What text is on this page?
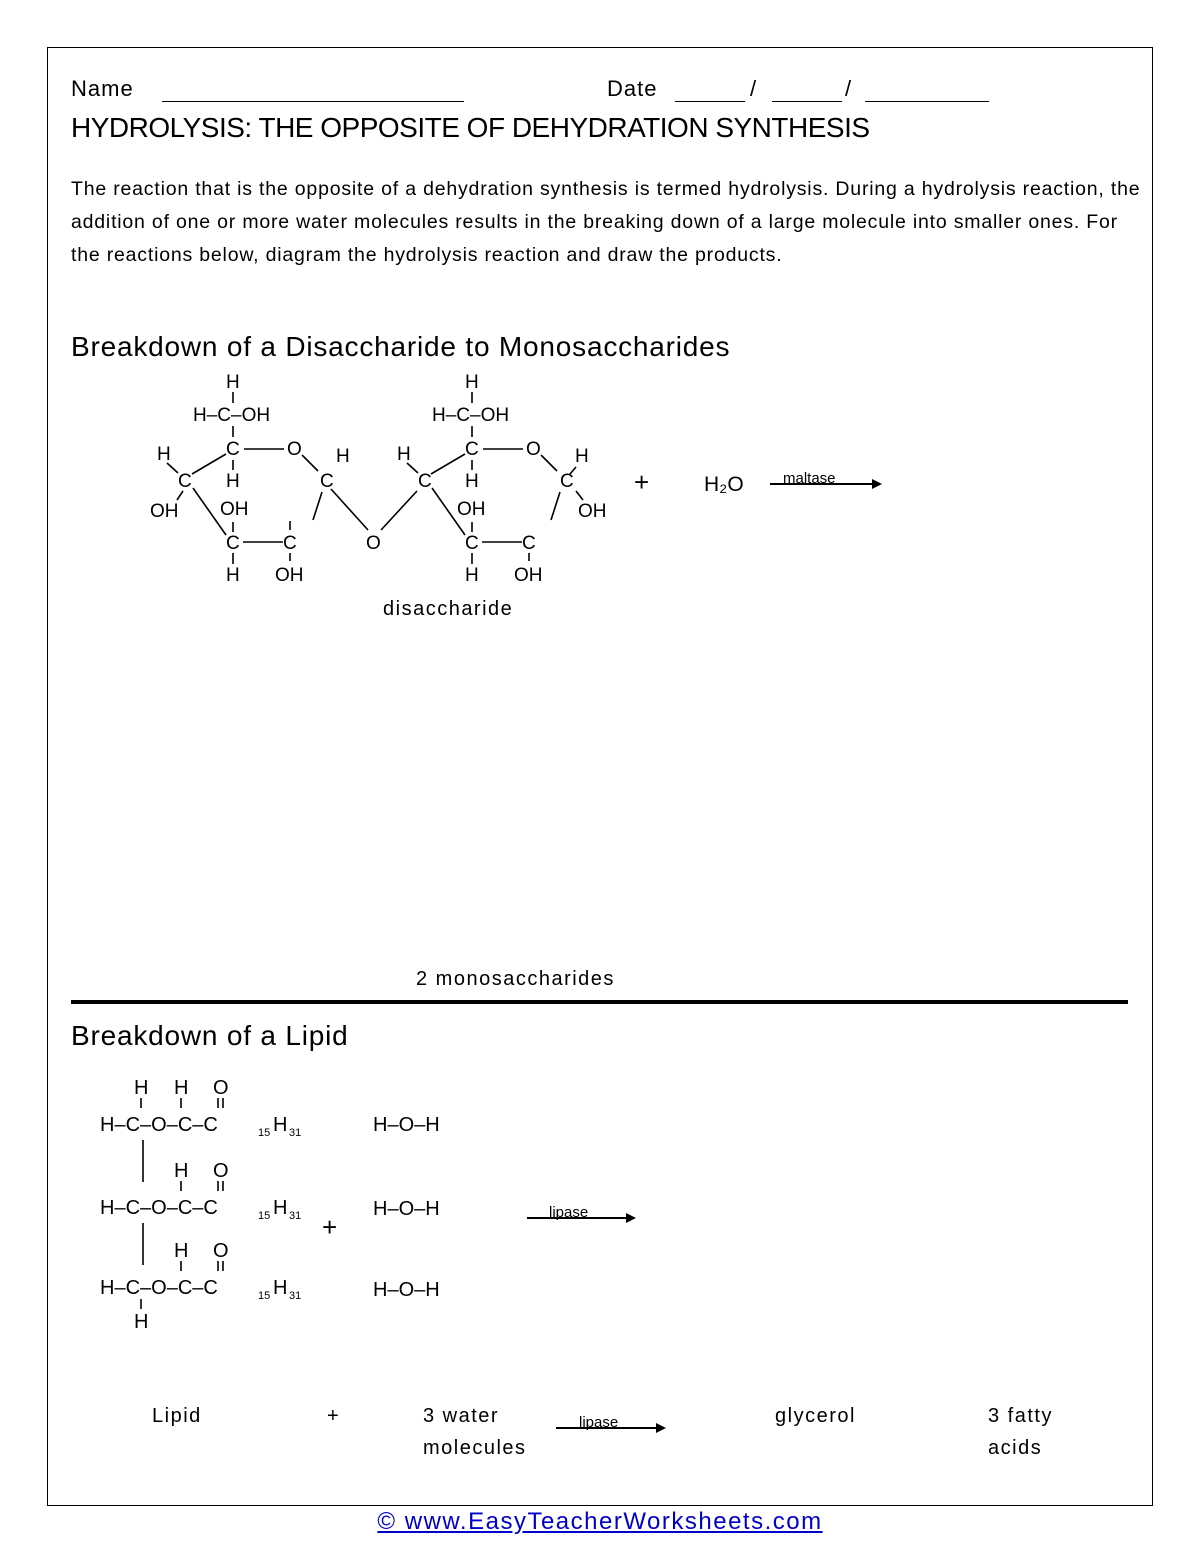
Name	Date	/	/
HYDROLYSIS: THE OPPOSITE OF DEHYDRATION SYNTHESIS
The reaction that is the opposite of a dehydration synthesis is termed hydrolysis. During a hydrolysis reaction, the addition of one or more water molecules results in the breaking down of a large molecule into smaller ones. For the reactions below, diagram the hydrolysis reaction and draw the products.
Breakdown of a Disaccharide to Monosaccharides
H
H–C–OH
C O
H
H
H
C	C
OH OH
C C
H OH
O
H
H–C–OH
C O
H
H
H
C	C
OH	OH
C C
H OH
+	H₂O	maltase
H H O
H–C–O–C–C
H O
H–C–O–C–C
H O
H–C–O–C–C
H
15 H 31
15 H 31
15 H 31
H–O–H
H–O–H
H–O–H
+	lipase
lipase
disaccharide
2 monosaccharides
Breakdown of a Lipid
Lipid	+	3 water
molecules
glycerol	3 fatty
acids
© www.EasyTeacherWorksheets.com
